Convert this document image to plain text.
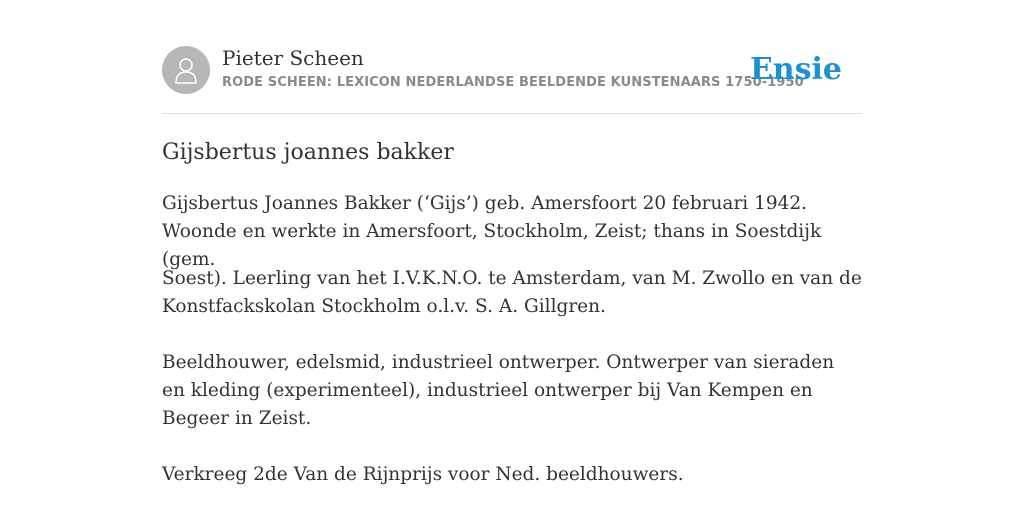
Pieter Scheen
RODE SCHEEN: LEXICON NEDERLANDSE BEELDENDE KUNSTENAARS 1750-1950
Ensie
Gijsbertus joannes bakker

Gijsbertus Joannes Bakker (‘Gijs’) geb. Amersfoort 20 februari 1942. Woonde en werkte in Amersfoort, Stockholm, Zeist; thans in Soestdijk (gem.

Soest). Leerling van het I.V.K.N.O. te Amsterdam, van M. Zwollo en van de Konstfackskolan Stockholm o.l.v. S. A. Gillgren.

Beeldhouwer, edelsmid, industrieel ontwerper. Ontwerper van sieraden en kleding (experimenteel), industrieel ontwerper bij Van Kempen en Begeer in Zeist.

Verkreeg 2de Van de Rijnprijs voor Ned. beeldhouwers.
